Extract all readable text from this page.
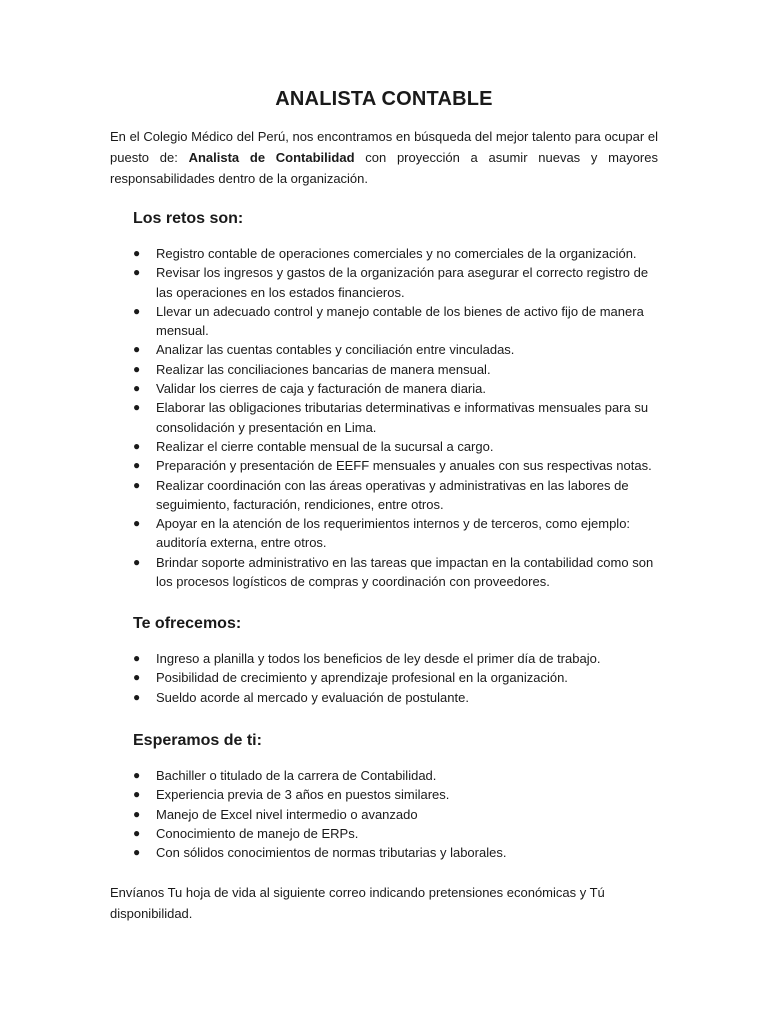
ANALISTA CONTABLE

En el Colegio Médico del Perú, nos encontramos en búsqueda del mejor talento para ocupar el puesto de: Analista de Contabilidad con proyección a asumir nuevas y mayores responsabilidades dentro de la organización.

Los retos son:
● Registro contable de operaciones comerciales y no comerciales de la organización.
● Revisar los ingresos y gastos de la organización para asegurar el correcto registro de las operaciones en los estados financieros.
● Llevar un adecuado control y manejo contable de los bienes de activo fijo de manera mensual.
● Analizar las cuentas contables y conciliación entre vinculadas.
● Realizar las conciliaciones bancarias de manera mensual.
● Validar los cierres de caja y facturación de manera diaria.
● Elaborar las obligaciones tributarias determinativas e informativas mensuales para su consolidación y presentación en Lima.
● Realizar el cierre contable mensual de la sucursal a cargo.
● Preparación y presentación de EEFF mensuales y anuales con sus respectivas notas.
● Realizar coordinación con las áreas operativas y administrativas en las labores de seguimiento, facturación, rendiciones, entre otros.
● Apoyar en la atención de los requerimientos internos y de terceros, como ejemplo: auditoría externa, entre otros.
● Brindar soporte administrativo en las tareas que impactan en la contabilidad como son los procesos logísticos de compras y coordinación con proveedores.
Te ofrecemos:
● Ingreso a planilla y todos los beneficios de ley desde el primer día de trabajo.
● Posibilidad de crecimiento y aprendizaje profesional en la organización.
● Sueldo acorde al mercado y evaluación de postulante.
Esperamos de ti:
● Bachiller o titulado de la carrera de Contabilidad.
● Experiencia previa de 3 años en puestos similares.
● Manejo de Excel nivel intermedio o avanzado
● Conocimiento de manejo de ERPs.
● Con sólidos conocimientos de normas tributarias y laborales.

Envíanos Tu hoja de vida al siguiente correo indicando pretensiones económicas y Tú disponibilidad.
